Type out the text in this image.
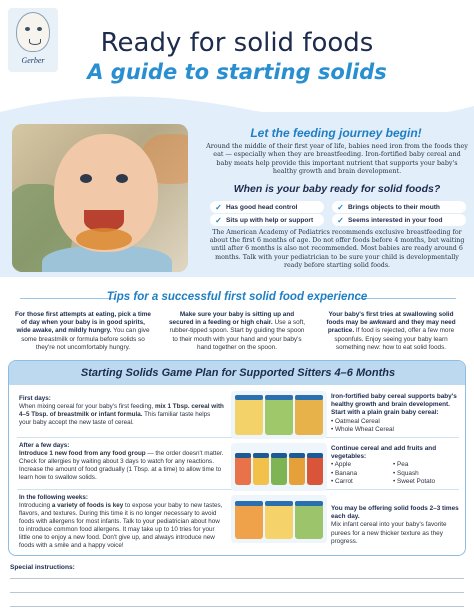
Gerber
Ready for solid foods
A guide to starting solids
Let the feeding journey begin!
Around the middle of their first year of life, babies need iron from the foods they eat — especially when they are breastfeeding. Iron-fortified baby cereal and baby meats help provide this important nutrient that supports your baby's healthy growth and brain development.
When is your baby ready for solid foods?
✓ Has good head control	✓ Brings objects to their mouth
✓ Sits up with help or support	✓ Seems interested in your food
The American Academy of Pediatrics recommends exclusive breastfeeding for about the first 6 months of age. Do not offer foods before 4 months, but waiting until after 6 months is also not recommended. Most babies are ready around 6 months. Talk with your pediatrician to be sure your child is developmentally ready before starting solid foods.
Tips for a successful first solid food experience
For those first attempts at eating, pick a time of day when your baby is in good spirits, wide awake, and mildly hungry. You can give some breastmilk or formula before solids so they're not uncomfortably hungry.
Make sure your baby is sitting up and secured in a feeding or high chair. Use a soft, rubber-tipped spoon. Start by guiding the spoon to their mouth with your hand and your baby's hand together on the spoon.
Your baby's first tries at swallowing solid foods may be awkward and they may need practice. If food is rejected, offer a few more spoonfuls. Enjoy seeing your baby learn something new: how to eat solid foods.
Starting Solids Game Plan for Supported Sitters 4–6 Months
First days:
When mixing cereal for your baby's first feeding, mix 1 Tbsp. cereal with 4–5 Tbsp. of breastmilk or infant formula. This familiar taste helps your baby accept the new taste of cereal.
After a few days:
Introduce 1 new food from any food group — the order doesn't matter. Check for allergies by waiting about 3 days to watch for any reactions. Increase the amount of food gradually (1 Tbsp. at a time) to allow time to learn how to swallow solids.
In the following weeks:
Introducing a variety of foods is key to expose your baby to new tastes, flavors, and textures. During this time it is no longer necessary to avoid foods with allergens for most infants. Talk to your pediatrician about how to introduce common food allergens. It may take up to 10 tries for your little one to enjoy a new food. Don't give up, and always introduce new foods with a smile and a happy voice!
Iron-fortified baby cereal supports baby's healthy growth and brain development. Start with a plain grain baby cereal:
• Oatmeal Cereal
• Whole Wheat Cereal
Continue cereal and add fruits and vegetables:
• Apple
• Banana
• Carrot
• Pea
• Squash
• Sweet Potato
You may be offering solid foods 2–3 times each day.
Mix infant cereal into your baby's favorite purees for a new thicker texture as they progress.
Special instructions:
